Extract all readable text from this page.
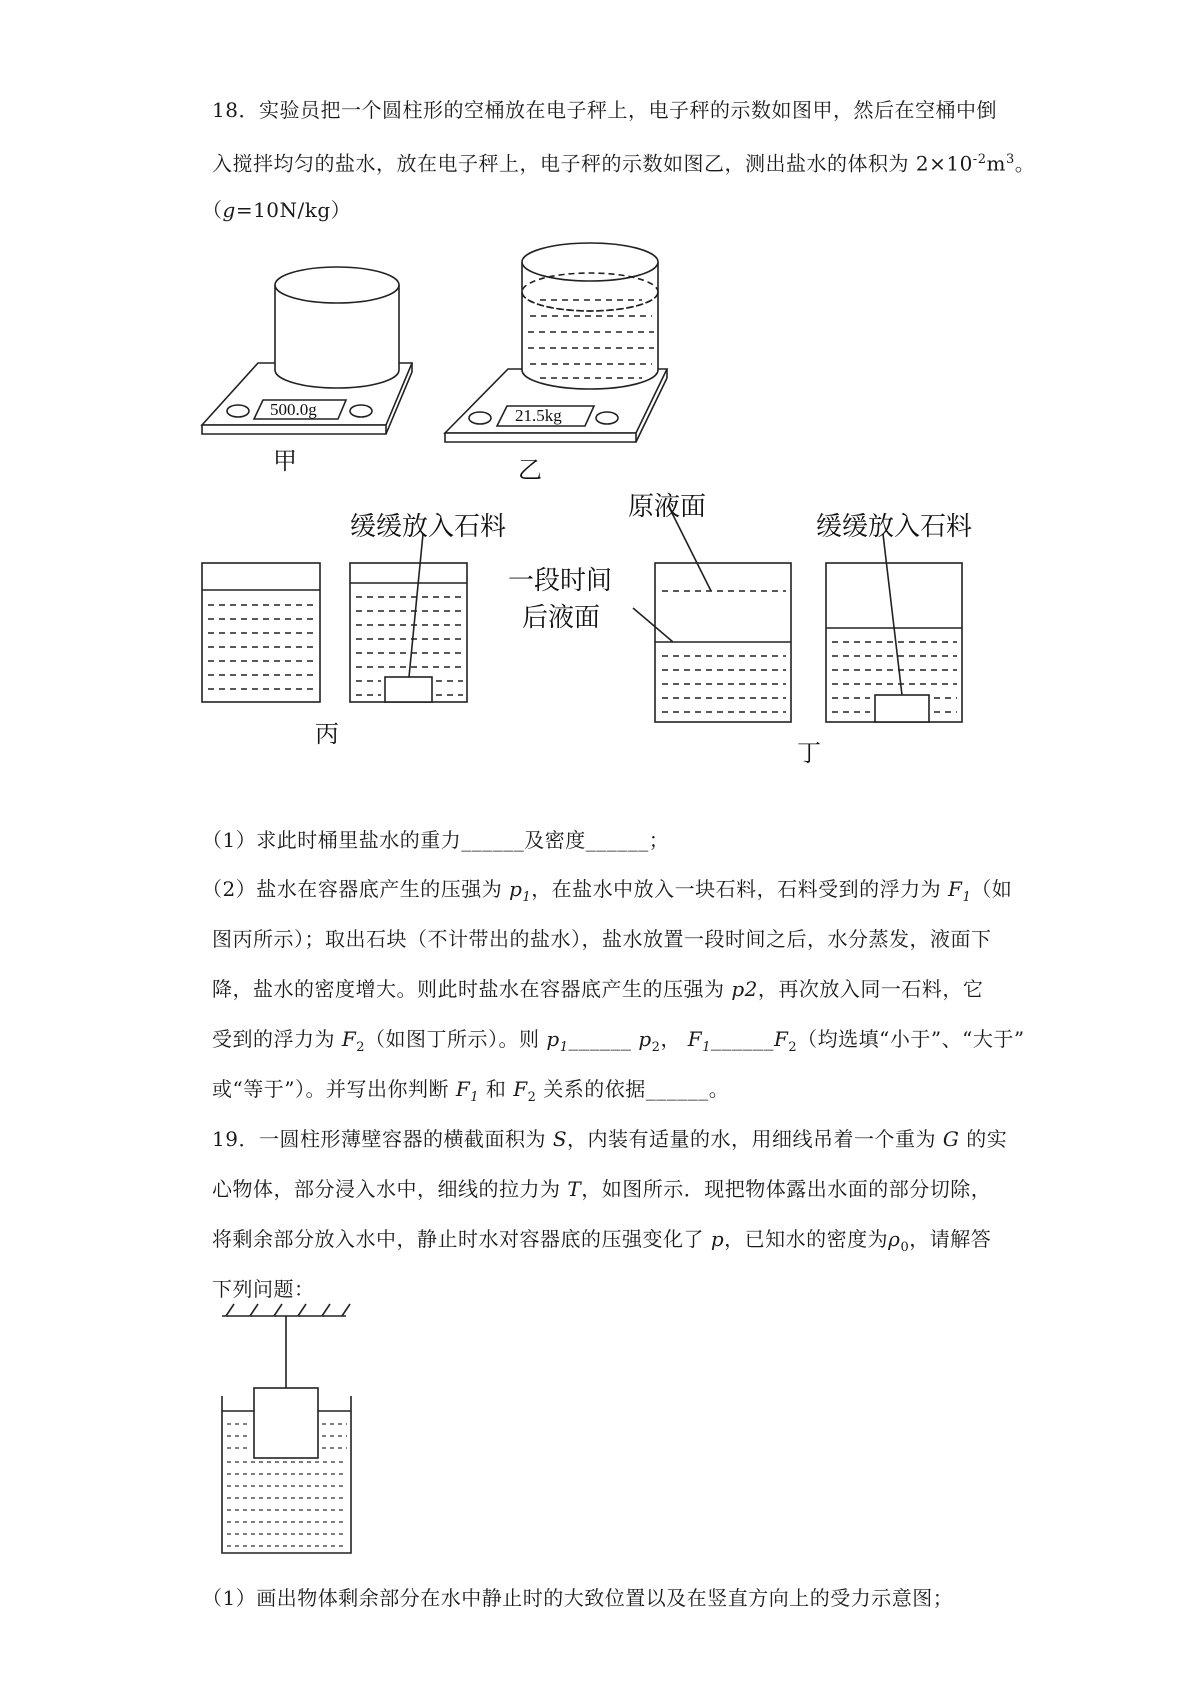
18．实验员把一个圆柱形的空桶放在电子秤上，电子秤的示数如图甲，然后在空桶中倒
入搅拌均匀的盐水，放在电子秤上，电子秤的示数如图乙，测出盐水的体积为 $2\times 10^{-2}m^3$。
（g=10N/kg）
500.0g	21.5kg
甲	乙
缓缓放入石料
丙
原液面
一段时间
后液面
缓缓放入石料
丁
（1）求此时桶里盐水的重力______及密度______；
（2）盐水在容器底产生的压强为 $p_1$，在盐水中放入一块石料，石料受到的浮力为 $F_1$（如
图丙所示）；取出石块（不计带出的盐水），盐水放置一段时间之后，水分蒸发，液面下
降，盐水的密度增大。则此时盐水在容器底产生的压强为 p2，再次放入同一石料，它
受到的浮力为 $F_2$（如图丁所示）。则 $p_1\_\_\_\_\_\_$ $p_2$， $F_1\_\_\_\_\_\_F_2$（均选填“小于”、“大于”
或“等于”）。并写出你判断 $F_1$ 和 $F_2$ 关系的依据______。
19．一圆柱形薄壁容器的横截面积为 S，内装有适量的水，用细线吊着一个重为 G 的实
心物体，部分浸入水中，细线的拉力为 T，如图所示．现把物体露出水面的部分切除，
将剩余部分放入水中，静止时水对容器底的压强变化了 p，已知水的密度为$\rho_0$，请解答
下列问题：
（1）画出物体剩余部分在水中静止时的大致位置以及在竖直方向上的受力示意图；
